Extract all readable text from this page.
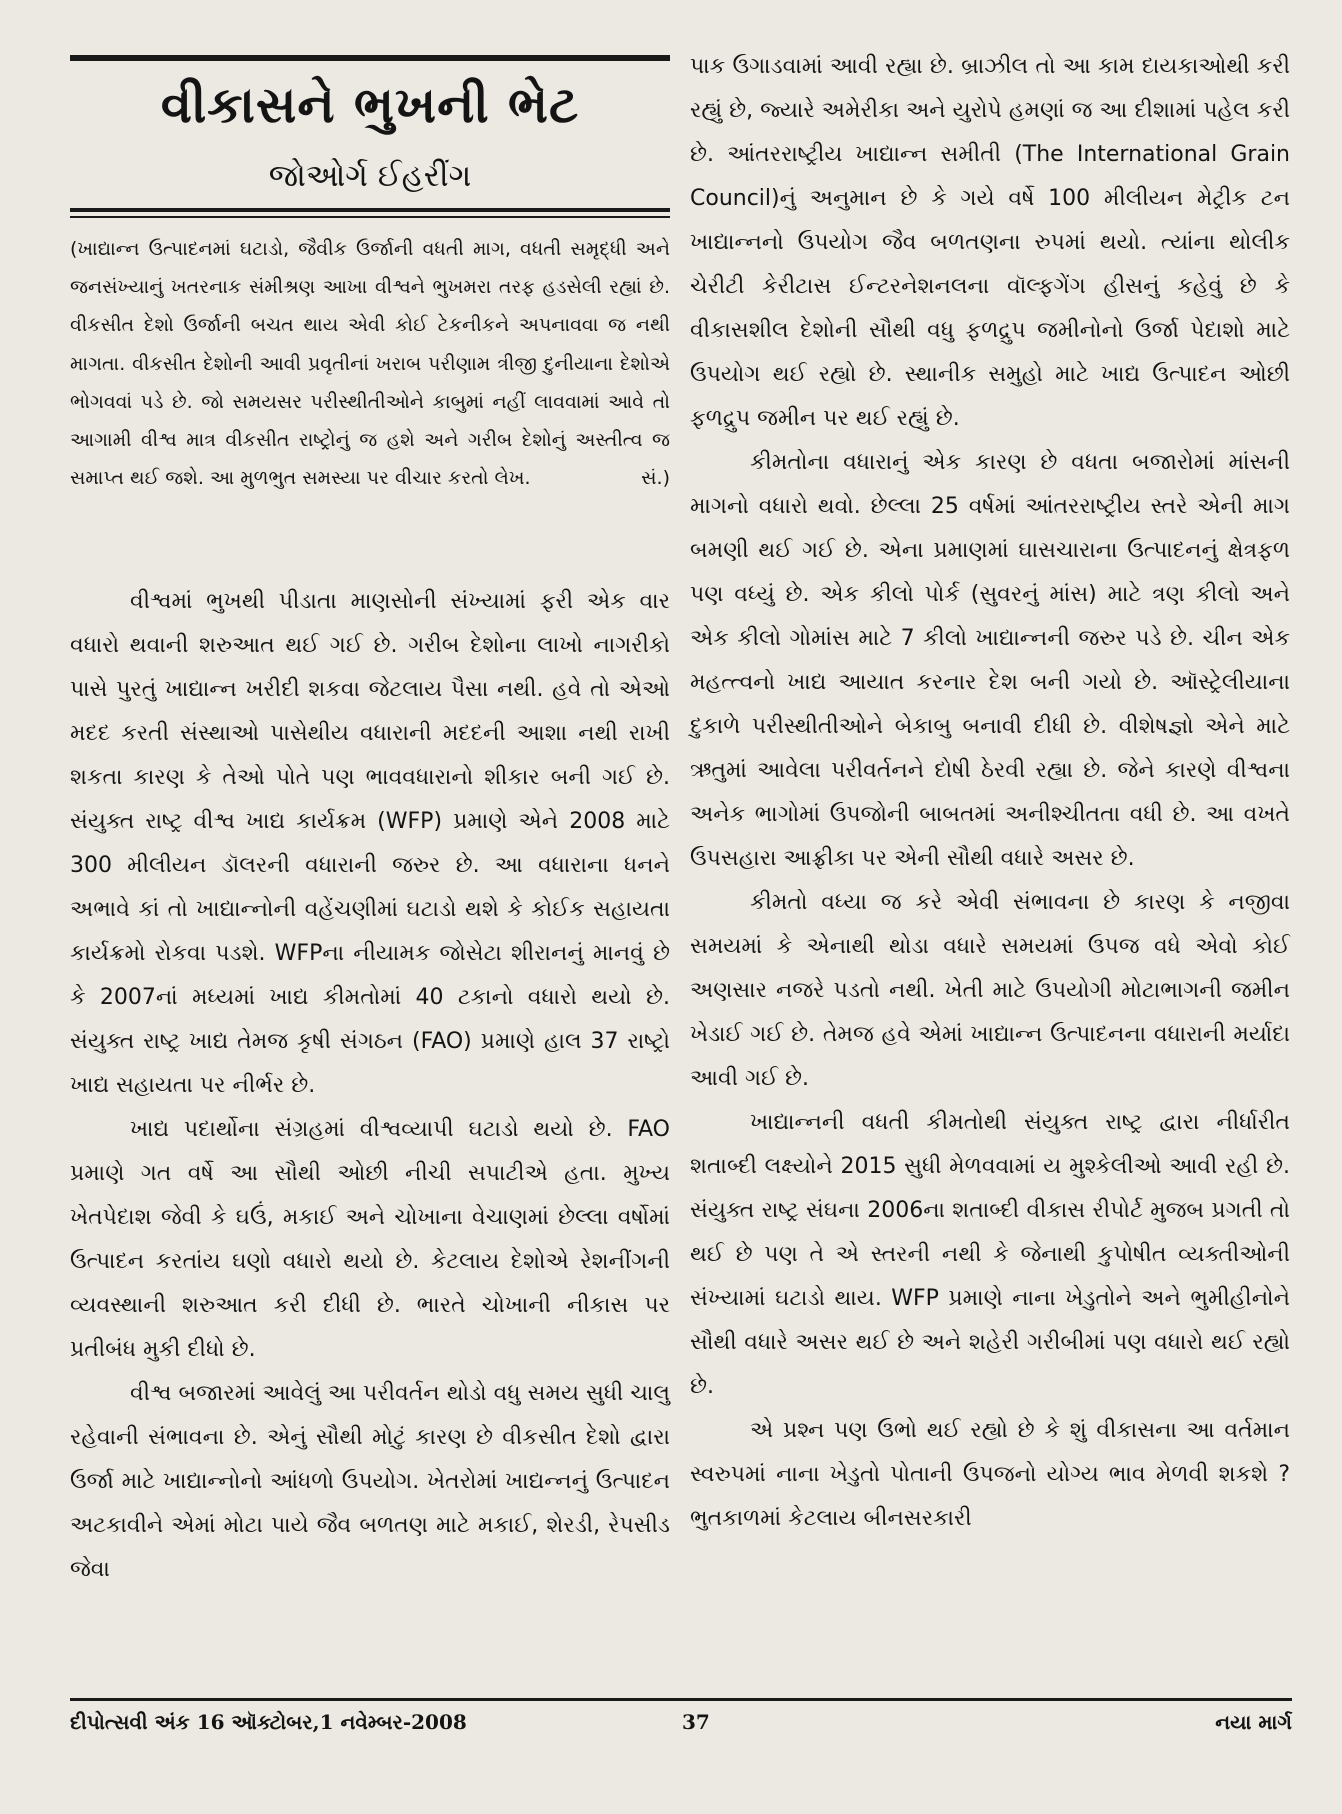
વીકાસને ભુખની ભેટ
જોઓર્ગ ઈહરીંગ

(ખાદ્યાન્ન ઉત્પાદનમાં ઘટાડો, જૈવીક ઉર્જાની વધતી માગ, વધતી સમૃદ્ધી અને જનસંખ્યાનું ખતરનાક સંમીશ્રણ આખા વીશ્વને ભુખમરા તરફ હડસેલી રહ્યાં છે. વીકસીત દેશો ઉર્જાની બચત થાય એવી કોઈ ટેકનીકને અપનાવવા જ નથી માગતા. વીકસીત દેશોની આવી પ્રવૃતીનાં ખરાબ પરીણામ ત્રીજી દુનીયાના દેશોએ ભોગવવાં પડે છે. જો સમયસર પરીસ્થીતીઓને કાબુમાં નહીં લાવવામાં આવે તો આગામી વીશ્વ માત્ર વીકસીત રાષ્ટ્રોનું જ હશે અને ગરીબ દેશોનું અસ્તીત્વ જ સમાપ્ત થઈ જશે. આ મુળભુત સમસ્યા પર વીચાર કરતો લેખ.	સં.)

વીશ્વમાં ભુખથી પીડાતા માણસોની સંખ્યામાં ફરી એક વાર વધારો થવાની શરુઆત થઈ ગઈ છે. ગરીબ દેશોના લાખો નાગરીકો પાસે પુરતું ખાદ્યાન્ન ખરીદી શકવા જેટલાય પૈસા નથી. હવે તો એઓ મદદ કરતી સંસ્થાઓ પાસેથીય વધારાની મદદની આશા નથી રાખી શકતા કારણ કે તેઓ પોતે પણ ભાવવધારાનો શીકાર બની ગઈ છે. સંયુક્ત રાષ્ટ્ર વીશ્વ ખાદ્ય કાર્યક્રમ (WFP) પ્રમાણે એને 2008 માટે 300 મીલીયન ડૉલરની વધારાની જરુર છે. આ વધારાના ધનને અભાવે કાં તો ખાદ્યાન્નોની વહેંચણીમાં ઘટાડો થશે કે કોઈક સહાયતા કાર્યક્રમો રોકવા પડશે. WFPના નીયામક જોસેટા શીરાનનું માનવું છે કે 2007નાં મધ્યમાં ખાદ્ય કીમતોમાં 40 ટકાનો વધારો થયો છે. સંયુક્ત રાષ્ટ્ર ખાદ્ય તેમજ કૃષી સંગઠન (FAO) પ્રમાણે હાલ 37 રાષ્ટ્રો ખાદ્ય સહાયતા પર નીર્ભર છે.

ખાદ્ય પદાર્થોના સંગ્રહમાં વીશ્વવ્યાપી ઘટાડો થયો છે. FAO પ્રમાણે ગત વર્ષે આ સૌથી ઓછી નીચી સપાટીએ હતા. મુખ્ય ખેતપેદાશ જેવી કે ઘઉં, મકાઈ અને ચોખાના વેચાણમાં છેલ્લા વર્ષોમાં ઉત્પાદન કરતાંય ઘણો વધારો થયો છે. કેટલાય દેશોએ રેશનીંગની વ્યવસ્થાની શરુઆત કરી દીધી છે. ભારતે ચોખાની નીકાસ પર પ્રતીબંધ મુકી દીધો છે.

વીશ્વ બજારમાં આવેલું આ પરીવર્તન થોડો વધુ સમય સુધી ચાલુ રહેવાની સંભાવના છે. એનું સૌથી મોટું કારણ છે વીકસીત દેશો દ્વારા ઉર્જા માટે ખાદ્યાન્નોનો આંધળો ઉપયોગ. ખેતરોમાં ખાદ્યન્નનું ઉત્પાદન અટકાવીને એમાં મોટા પાયે જૈવ બળતણ માટે મકાઈ, શેરડી, રેપસીડ જેવા

પાક ઉગાડવામાં આવી રહ્યા છે. બ્રાઝીલ તો આ કામ દાયકાઓથી કરી રહ્યું છે, જ્યારે અમેરીકા અને યુરોપે હમણાં જ આ દીશામાં પહેલ કરી છે. આંતરરાષ્ટ્રીય ખાદ્યાન્ન સમીતી (The International Grain Council)નું અનુમાન છે કે ગયે વર્ષે 100 મીલીયન મેટ્રીક ટન ખાદ્યાન્નનો ઉપયોગ જૈવ બળતણના રુપમાં થયો. ત્યાંના થોલીક ચેરીટી કેરીટાસ ઈન્ટરનેશનલના વૉલ્ફગેંગ હીસનું કહેવું છે કે વીકાસશીલ દેશોની સૌથી વધુ ફળદ્રુપ જમીનોનો ઉર્જા પેદાશો માટે ઉપયોગ થઈ રહ્યો છે. સ્થાનીક સમુહો માટે ખાદ્ય ઉત્પાદન ઓછી ફળદ્રુપ જમીન પર થઈ રહ્યું છે.

કીમતોના વધારાનું એક કારણ છે વધતા બજારોમાં માંસની માગનો વધારો થવો. છેલ્લા 25 વર્ષમાં આંતરરાષ્ટ્રીય સ્તરે એની માગ બમણી થઈ ગઈ છે. એના પ્રમાણમાં ઘાસચારાના ઉત્પાદનનું ક્ષેત્રફળ પણ વધ્યું છે. એક કીલો પોર્ક (સુવરનું માંસ) માટે ત્રણ કીલો અને એક કીલો ગોમાંસ માટે 7 કીલો ખાદ્યાન્નની જરુર પડે છે. ચીન એક મહત્ત્વનો ખાદ્ય આયાત કરનાર દેશ બની ગયો છે. ઑસ્ટ્રેલીયાના દુકાળે પરીસ્થીતીઓને બેકાબુ બનાવી દીધી છે. વીશેષજ્ઞો એને માટે ઋતુમાં આવેલા પરીવર્તનને દોષી ઠેરવી રહ્યા છે. જેને કારણે વીશ્વના અનેક ભાગોમાં ઉપજોની બાબતમાં અનીશ્ચીતતા વધી છે. આ વખતે ઉપસહારા આફ્રીકા પર એની સૌથી વધારે અસર છે.

કીમતો વધ્યા જ કરે એવી સંભાવના છે કારણ કે નજીવા સમયમાં કે એનાથી થોડા વધારે સમયમાં ઉપજ વધે એવો કોઈ અણસાર નજરે પડતો નથી. ખેતી માટે ઉપયોગી મોટાભાગની જમીન ખેડાઈ ગઈ છે. તેમજ હવે એમાં ખાદ્યાન્ન ઉત્પાદનના વધારાની મર્યાદા આવી ગઈ છે.

ખાદ્યાન્નની વધતી કીમતોથી સંયુક્ત રાષ્ટ્ર દ્વારા નીર્ધારીત શતાબ્દી લક્ષ્યોને 2015 સુધી મેળવવામાં ય મુશ્કેલીઓ આવી રહી છે. સંયુક્ત રાષ્ટ્ર સંઘના 2006ના શતાબ્દી વીકાસ રીપોર્ટ મુજબ પ્રગતી તો થઈ છે પણ તે એ સ્તરની નથી કે જેનાથી કુપોષીત વ્યક્તીઓની સંખ્યામાં ઘટાડો થાય. WFP પ્રમાણે નાના ખેડુતોને અને ભુમીહીનોને સૌથી વધારે અસર થઈ છે અને શહેરી ગરીબીમાં પણ વધારો થઈ રહ્યો છે.

એ પ્રશ્ન પણ ઉભો થઈ રહ્યો છે કે શું વીકાસના આ વર્તમાન સ્વરુપમાં નાના ખેડુતો પોતાની ઉપજનો યોગ્ય ભાવ મેળવી શકશે ? ભુતકાળમાં કેટલાય બીનસરકારી

દીપોત્સવી અંક 16 ઑક્ટોબર,1 નવેમ્બર-2008	37	નયા માર્ગ
